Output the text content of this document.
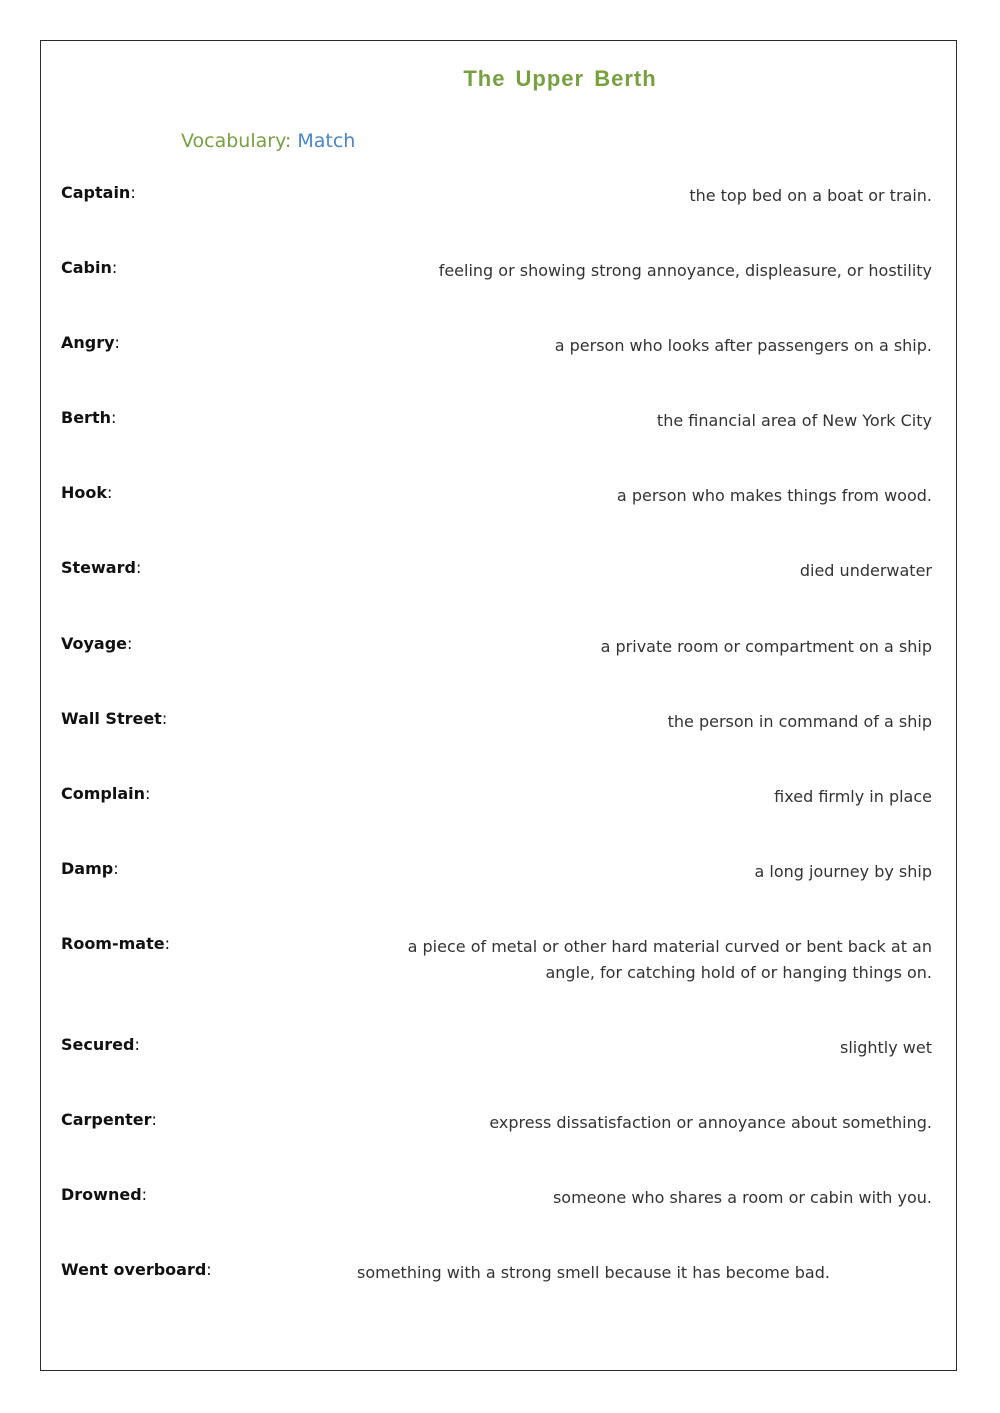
The Upper Berth
Vocabulary: Match
Captain:	the top bed on a boat or train.
Cabin:	feeling or showing strong annoyance, displeasure, or hostility
Angry:	a person who looks after passengers on a ship.
Berth:	the financial area of New York City
Hook:	a person who makes things from wood.
Steward:	died underwater
Voyage:	a private room or compartment on a ship
Wall Street:	the person in command of a ship
Complain:	fixed firmly in place
Damp:	a long journey by ship
Room-mate:	a piece of metal or other hard material curved or bent back at an
angle, for catching hold of or hanging things on.
Secured:	slightly wet
Carpenter:	express dissatisfaction or annoyance about something.
Drowned:	someone who shares a room or cabin with you.
Went overboard:	something with a strong smell because it has become bad.
